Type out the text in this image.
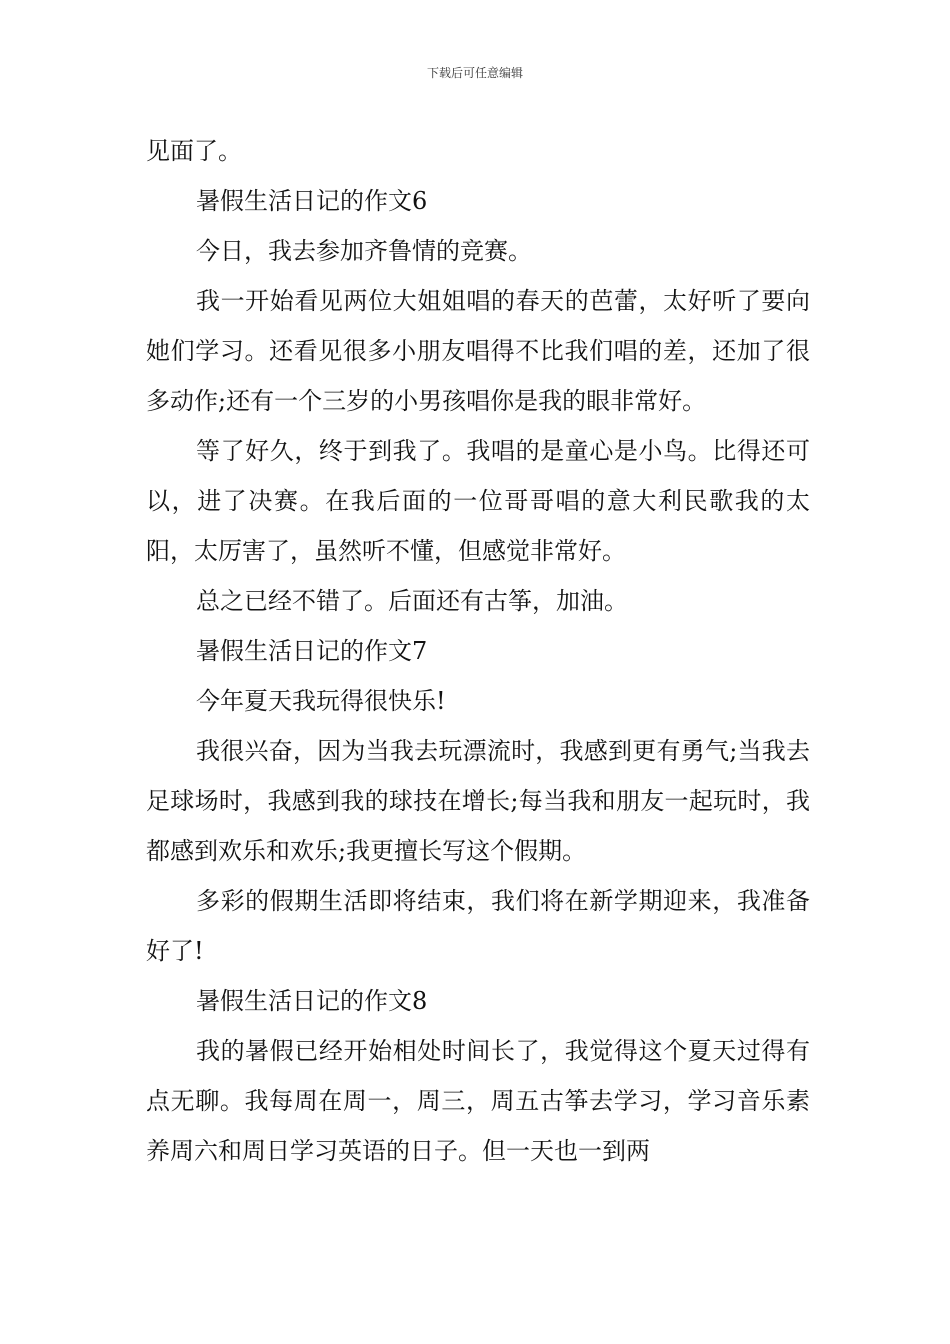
下载后可任意编辑

见面了。

暑假生活日记的作文6

今日，我去参加齐鲁情的竞赛。

我一开始看见两位大姐姐唱的春天的芭蕾，太好听了要向她们学习。还看见很多小朋友唱得不比我们唱的差，还加了很多动作;还有一个三岁的小男孩唱你是我的眼非常好。

等了好久，终于到我了。我唱的是童心是小鸟。比得还可以，进了决赛。在我后面的一位哥哥唱的意大利民歌我的太阳，太厉害了，虽然听不懂，但感觉非常好。

总之已经不错了。后面还有古筝，加油。

暑假生活日记的作文7

今年夏天我玩得很快乐!

我很兴奋，因为当我去玩漂流时，我感到更有勇气;当我去足球场时，我感到我的球技在增长;每当我和朋友一起玩时，我都感到欢乐和欢乐;我更擅长写这个假期。

多彩的假期生活即将结束，我们将在新学期迎来，我准备好了!

暑假生活日记的作文8

我的暑假已经开始相处时间长了，我觉得这个夏天过得有点无聊。我每周在周一，周三，周五古筝去学习，学习音乐素养周六和周日学习英语的日子。但一天也一到两
